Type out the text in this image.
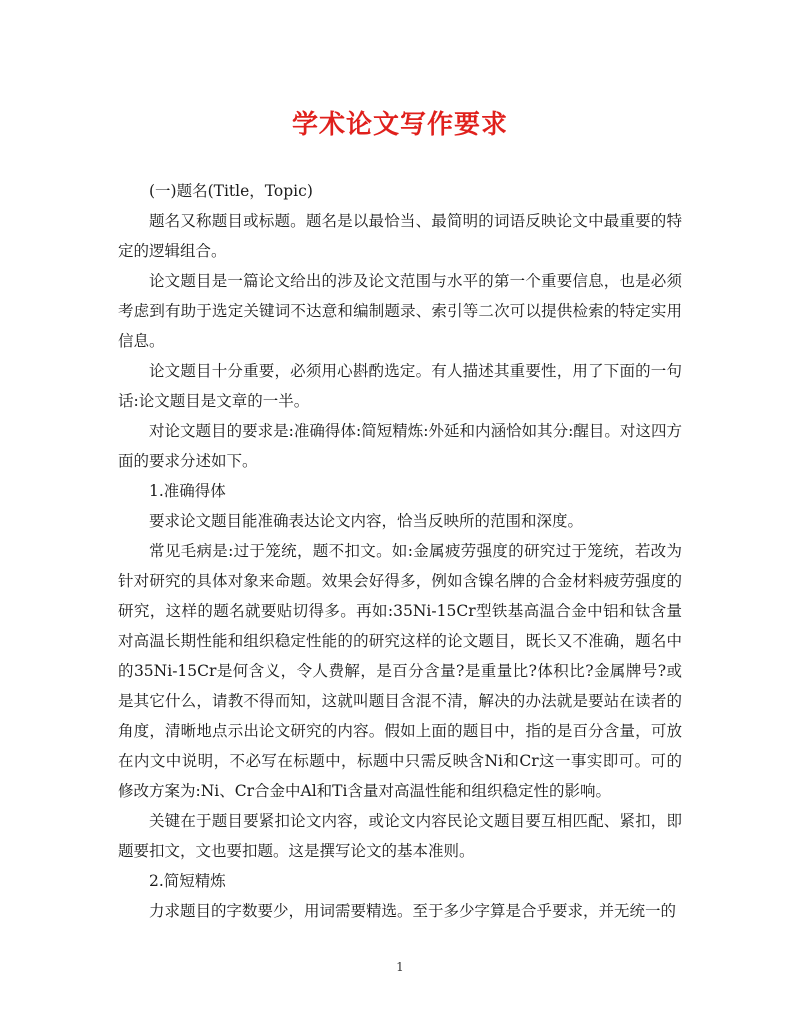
学术论文写作要求

(一)题名(Title，Topic)

题名又称题目或标题。题名是以最恰当、最简明的词语反映论文中最重要的特定的逻辑组合。

论文题目是一篇论文给出的涉及论文范围与水平的第一个重要信息，也是必须考虑到有助于选定关键词不达意和编制题录、索引等二次可以提供检索的特定实用信息。

论文题目十分重要，必须用心斟酌选定。有人描述其重要性，用了下面的一句话:论文题目是文章的一半。

对论文题目的要求是:准确得体:简短精炼:外延和内涵恰如其分:醒目。对这四方面的要求分述如下。

1.准确得体

要求论文题目能准确表达论文内容，恰当反映所的范围和深度。

常见毛病是:过于笼统，题不扣文。如:金属疲劳强度的研究过于笼统，若改为针对研究的具体对象来命题。效果会好得多，例如含镍名牌的合金材料疲劳强度的研究，这样的题名就要贴切得多。再如:35Ni-15Cr型铁基高温合金中铝和钛含量对高温长期性能和组织稳定性能的的研究这样的论文题目，既长又不准确，题名中的35Ni-15Cr是何含义，令人费解，是百分含量?是重量比?体积比?金属牌号?或是其它什么，请教不得而知，这就叫题目含混不清，解决的办法就是要站在读者的角度，清晰地点示出论文研究的内容。假如上面的题目中，指的是百分含量，可放在内文中说明，不必写在标题中，标题中只需反映含Ni和Cr这一事实即可。可的修改方案为:Ni、Cr合金中Al和Ti含量对高温性能和组织稳定性的影响。

关键在于题目要紧扣论文内容，或论文内容民论文题目要互相匹配、紧扣，即题要扣文，文也要扣题。这是撰写论文的基本准则。

2.简短精炼

力求题目的字数要少，用词需要精选。至于多少字算是合乎要求，并无统一的

1
